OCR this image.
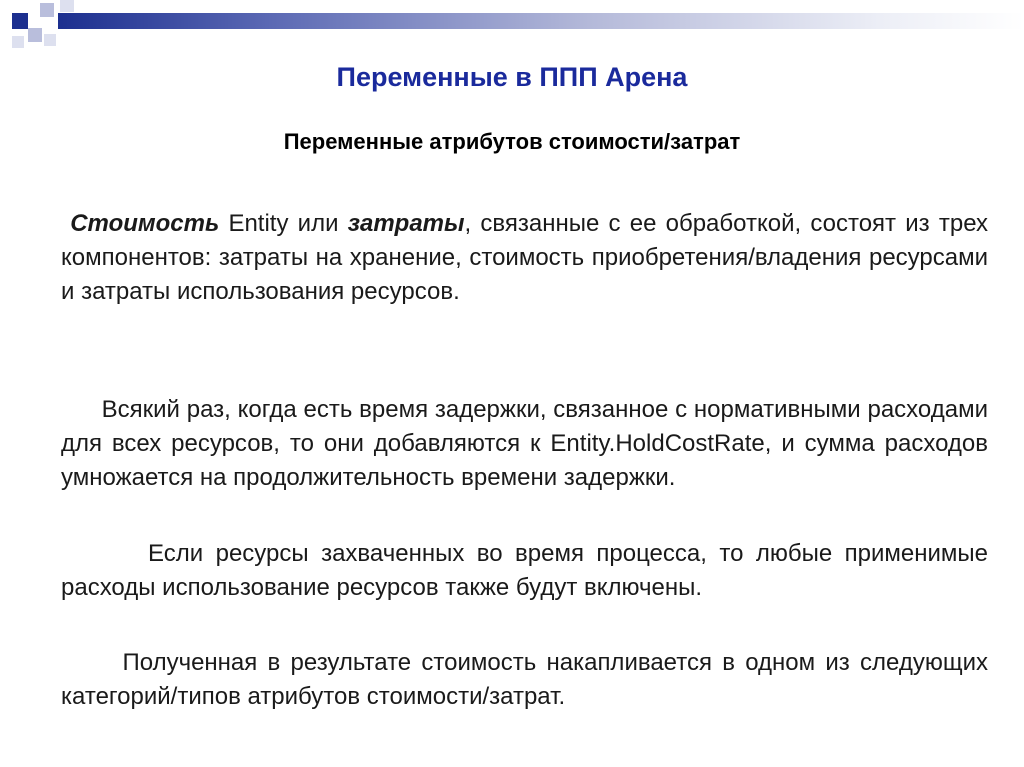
Переменные в ППП Арена
Переменные атрибутов стоимости/затрат
Стоимость Entity или затраты, связанные с ее обработкой, состоят из трех компонентов: затраты на хранение, стоимость приобретения/владения ресурсами и затраты использования ресурсов.
Всякий раз, когда есть время задержки, связанное с нормативными расходами для всех ресурсов, то они добавляются к Entity.HoldCostRate, и сумма расходов умножается на продолжительность времени задержки.
Если ресурсы захваченных во время процесса, то любые применимые расходы использование ресурсов также будут включены.
Полученная в результате стоимость накапливается в одном из следующих категорий/типов атрибутов стоимости/затрат.
